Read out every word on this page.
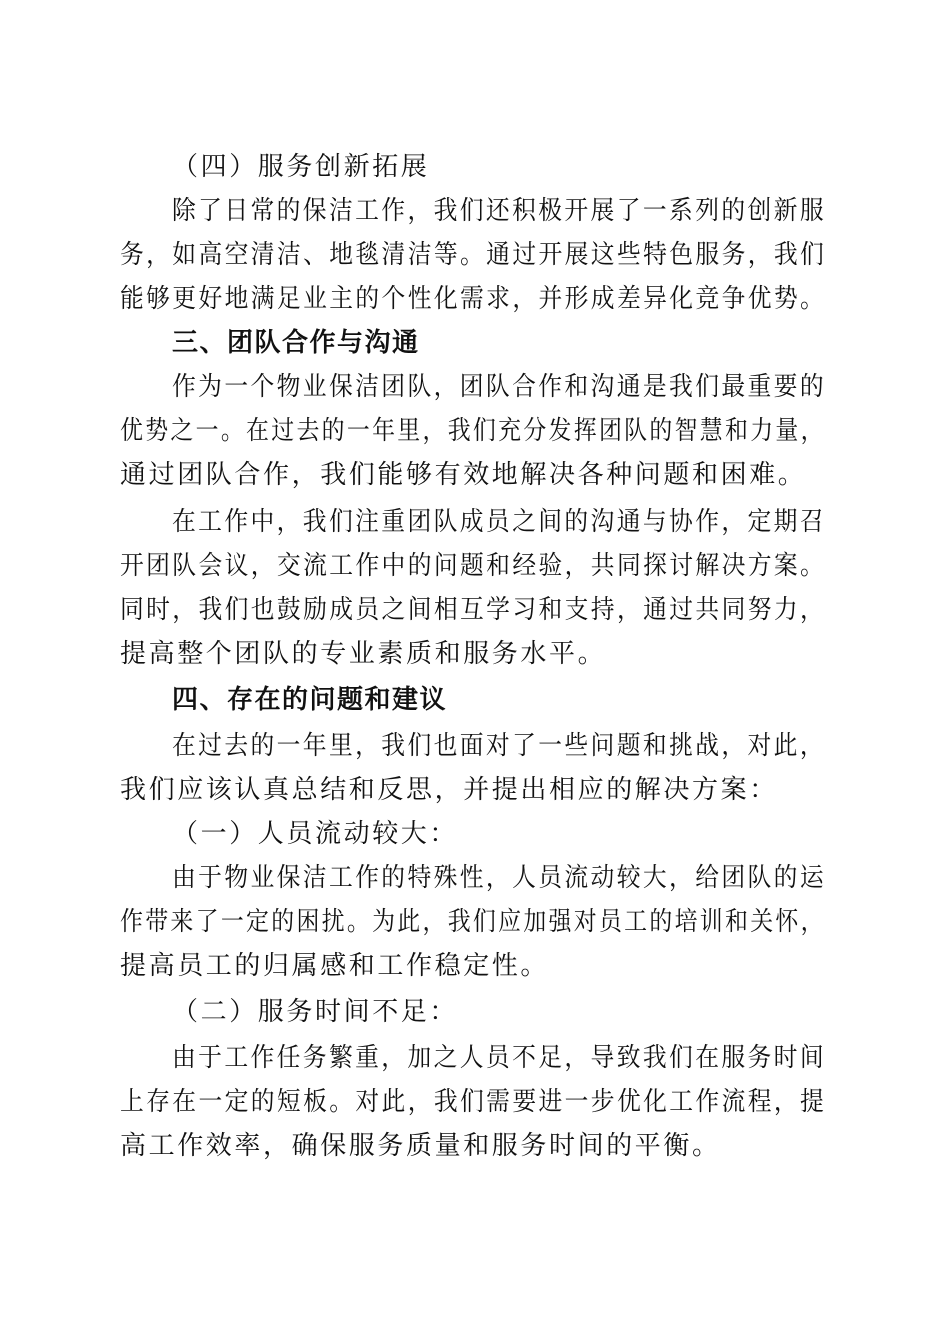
（四）服务创新拓展
除了日常的保洁工作，我们还积极开展了一系列的创新服
务，如高空清洁、地毯清洁等。通过开展这些特色服务，我们
能够更好地满足业主的个性化需求，并形成差异化竞争优势。
三、团队合作与沟通
作为一个物业保洁团队，团队合作和沟通是我们最重要的
优势之一。在过去的一年里，我们充分发挥团队的智慧和力量，
通过团队合作，我们能够有效地解决各种问题和困难。
在工作中，我们注重团队成员之间的沟通与协作，定期召
开团队会议，交流工作中的问题和经验，共同探讨解决方案。
同时，我们也鼓励成员之间相互学习和支持，通过共同努力，
提高整个团队的专业素质和服务水平。
四、存在的问题和建议
在过去的一年里，我们也面对了一些问题和挑战，对此，
我们应该认真总结和反思，并提出相应的解决方案：
（一）人员流动较大：
由于物业保洁工作的特殊性，人员流动较大，给团队的运
作带来了一定的困扰。为此，我们应加强对员工的培训和关怀，
提高员工的归属感和工作稳定性。
（二）服务时间不足：
由于工作任务繁重，加之人员不足，导致我们在服务时间
上存在一定的短板。对此，我们需要进一步优化工作流程，提
高工作效率，确保服务质量和服务时间的平衡。
